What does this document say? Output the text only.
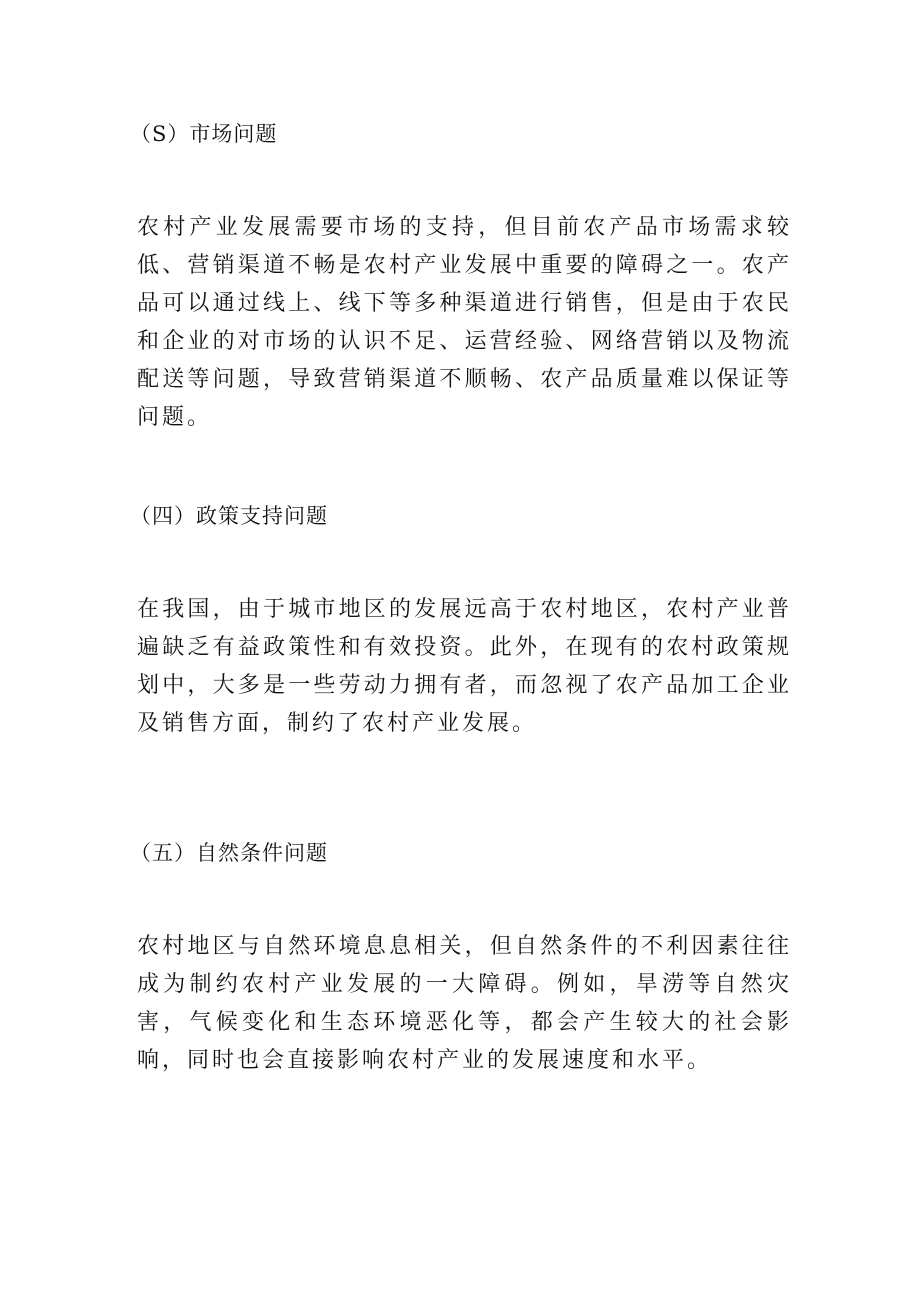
（S）市场问题
农村产业发展需要市场的支持，但目前农产品市场需求较低、营销渠道不畅是农村产业发展中重要的障碍之一。农产品可以通过线上、线下等多种渠道进行销售，但是由于农民和企业的对市场的认识不足、运营经验、网络营销以及物流配送等问题，导致营销渠道不顺畅、农产品质量难以保证等问题。
（四）政策支持问题
在我国，由于城市地区的发展远高于农村地区，农村产业普遍缺乏有益政策性和有效投资。此外，在现有的农村政策规划中，大多是一些劳动力拥有者，而忽视了农产品加工企业及销售方面，制约了农村产业发展。
（五）自然条件问题
农村地区与自然环境息息相关，但自然条件的不利因素往往成为制约农村产业发展的一大障碍。例如，旱涝等自然灾害，气候变化和生态环境恶化等，都会产生较大的社会影响，同时也会直接影响农村产业的发展速度和水平。
